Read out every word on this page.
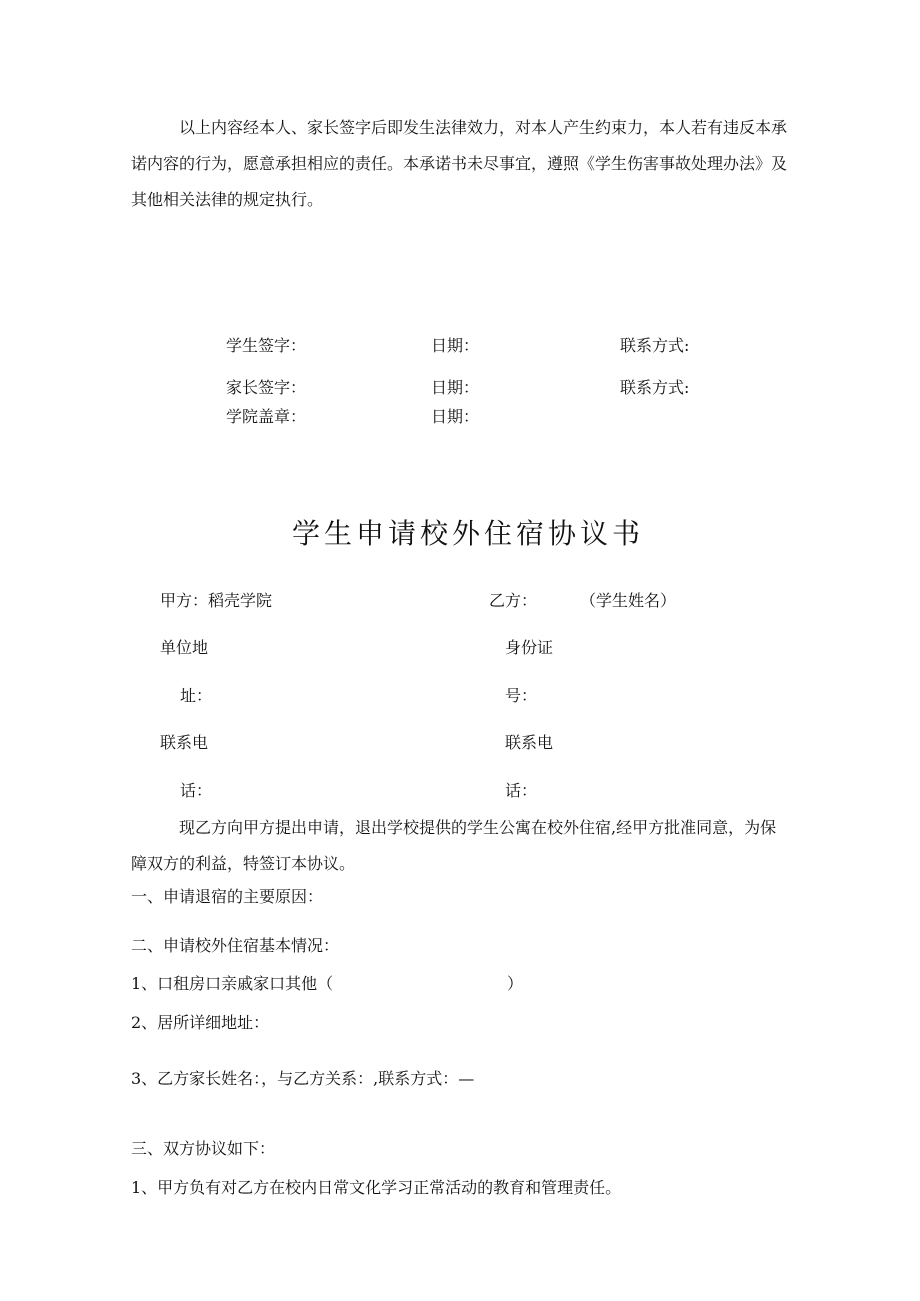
以上内容经本人、家长签字后即发生法律效力，对本人产生约束力，本人若有违反本承诺内容的行为，愿意承担相应的责任。本承诺书未尽事宜，遵照《学生伤害事故处理办法》及其他相关法律的规定执行。
学生签字：	日期：	联系方式:
家长签字：	日期：	联系方式:
学院盖章：	日期：
学生申请校外住宿协议书
甲方：稻壳学院	乙方：	（学生姓名）
单位地	身份证
址：	号：
联系电	联系电
话：	话：
现乙方向甲方提出申请，退出学校提供的学生公寓在校外住宿,经甲方批准同意，为保障双方的利益，特签订本协议。
一、申请退宿的主要原因：
二、申请校外住宿基本情况：
1、口租房口亲戚家口其他（	）
2、居所详细地址：
3、乙方家长姓名：，与乙方关系：,联系方式：—
三、双方协议如下：
1、甲方负有对乙方在校内日常文化学习正常活动的教育和管理责任。
